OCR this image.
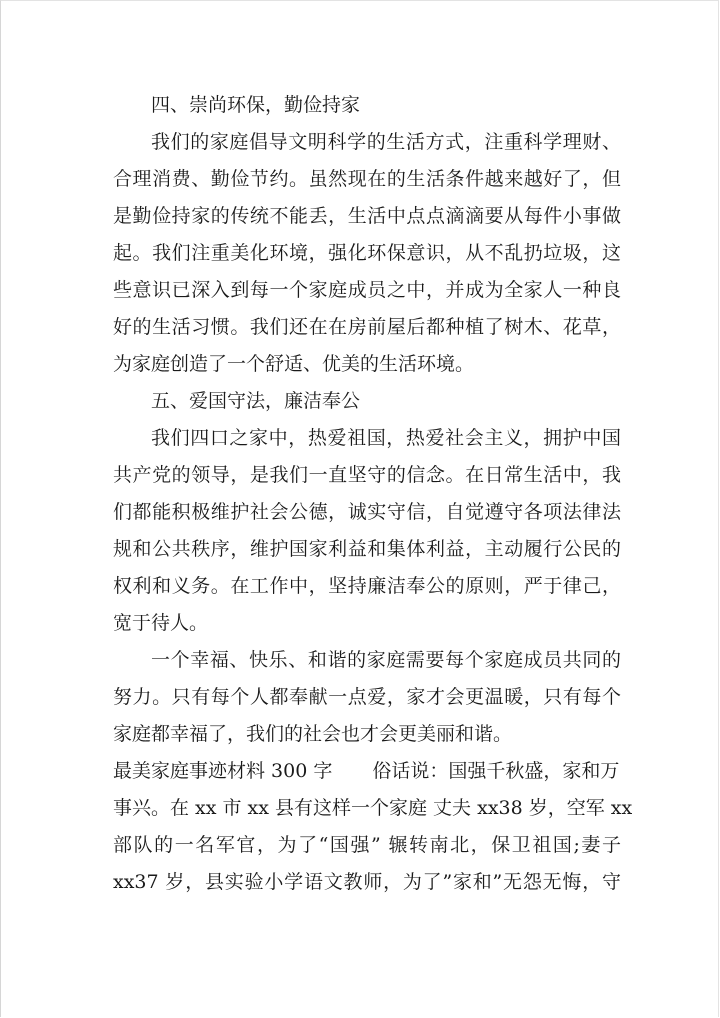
四、崇尚环保，勤俭持家
我们的家庭倡导文明科学的生活方式，注重科学理财、
合理消费、勤俭节约。虽然现在的生活条件越来越好了，但
是勤俭持家的传统不能丢，生活中点点滴滴要从每件小事做
起。我们注重美化环境，强化环保意识，从不乱扔垃圾，这
些意识已深入到每一个家庭成员之中，并成为全家人一种良
好的生活习惯。我们还在在房前屋后都种植了树木、花草，
为家庭创造了一个舒适、优美的生活环境。
五、爱国守法，廉洁奉公
我们四口之家中，热爱祖国，热爱社会主义，拥护中国
共产党的领导，是我们一直坚守的信念。在日常生活中，我
们都能积极维护社会公德，诚实守信，自觉遵守各项法律法
规和公共秩序，维护国家利益和集体利益，主动履行公民的
权利和义务。在工作中，坚持廉洁奉公的原则，严于律己，
宽于待人。
一个幸福、快乐、和谐的家庭需要每个家庭成员共同的
努力。只有每个人都奉献一点爱，家才会更温暖，只有每个
家庭都幸福了，我们的社会也才会更美丽和谐。
最美家庭事迹材料 300 字 俗话说：国强千秋盛，家和万
事兴。在 xx 市 xx 县有这样一个家庭 丈夫 xx38 岁，空军 xx
部队的一名军官，为了“国强” 辗转南北，保卫祖国;妻子
xx37 岁，县实验小学语文教师，为了”家和”无怨无悔，守
